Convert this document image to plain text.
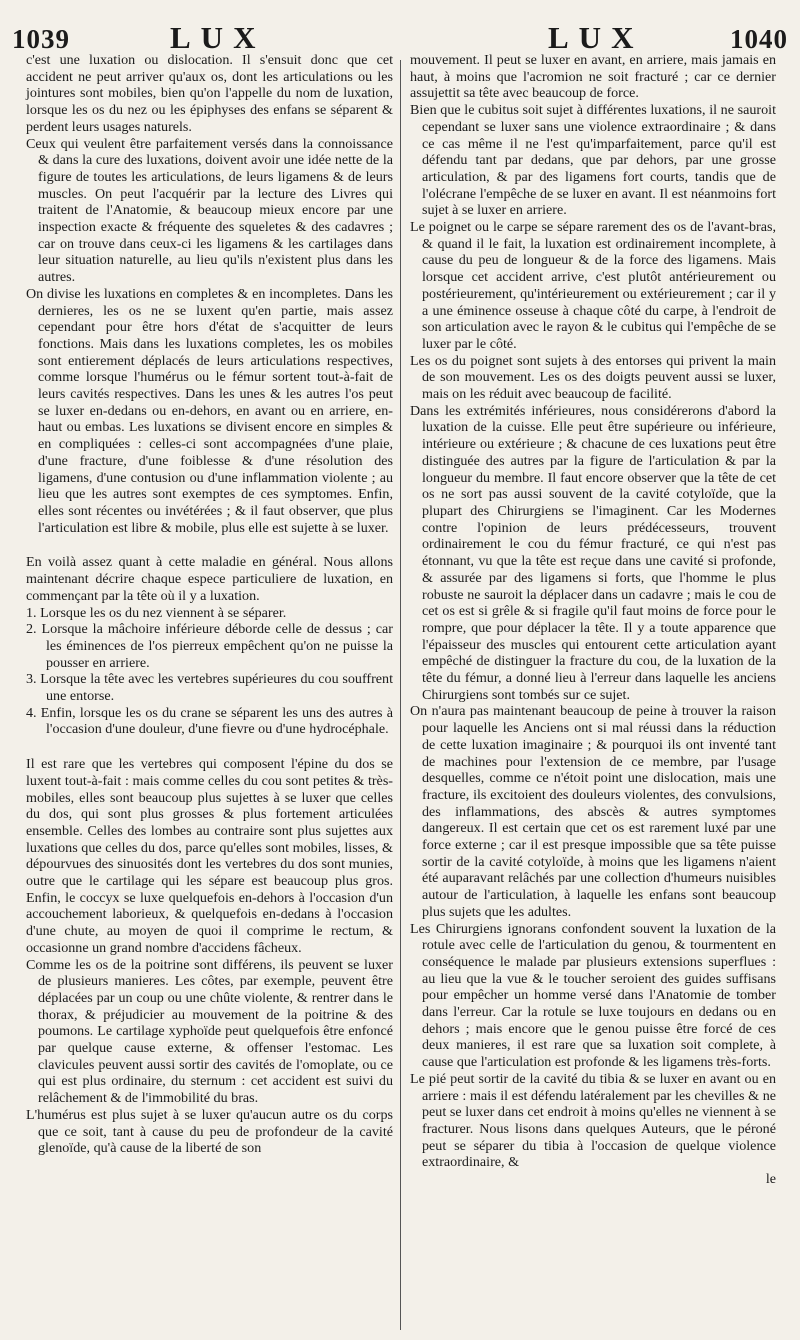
1039	LUX	LUX	1040

c'est une luxation ou dislocation. Il s'ensuit donc que cet accident ne peut arriver qu'aux os, dont les articulations ou les jointures sont mobiles, bien qu'on l'appelle du nom de luxation, lorsque les os du nez ou les épiphyses des enfans se séparent & perdent leurs usages naturels.

Ceux qui veulent être parfaitement versés dans la connoissance & dans la cure des luxations, doivent avoir une idée nette de la figure de toutes les articulations, de leurs ligamens & de leurs muscles. On peut l'acquérir par la lecture des Livres qui traitent de l'Anatomie, & beaucoup mieux encore par une inspection exacte & fréquente des squeletes & des cadavres ; car on trouve dans ceux-ci les ligamens & les cartilages dans leur situation naturelle, au lieu qu'ils n'existent plus dans les autres.

On divise les luxations en completes & en incompletes. Dans les dernieres, les os ne se luxent qu'en partie, mais assez cependant pour être hors d'état de s'acquitter de leurs fonctions. Mais dans les luxations completes, les os mobiles sont entierement déplacés de leurs articulations respectives, comme lorsque l'humérus ou le fémur sortent tout-à-fait de leurs cavités respectives. Dans les unes & les autres l'os peut se luxer en-dedans ou en-dehors, en avant ou en arriere, en-haut ou embas. Les luxations se divisent encore en simples & en compliquées : celles-ci sont accompagnées d'une plaie, d'une fracture, d'une foiblesse & d'une résolution des ligamens, d'une contusion ou d'une inflammation violente ; au lieu que les autres sont exemptes de ces symptomes. Enfin, elles sont récentes ou invétérées ; & il faut observer, que plus l'articulation est libre & mobile, plus elle est sujette à se luxer.

En voilà assez quant à cette maladie en général. Nous allons maintenant décrire chaque espece particuliere de luxation, en commençant par la tête où il y a luxation.

1. Lorsque les os du nez viennent à se séparer.
2. Lorsque la mâchoire inférieure déborde celle de dessus ; car les éminences de l'os pierreux empêchent qu'on ne puisse la pousser en arriere.
3. Lorsque la tête avec les vertebres supérieures du cou souffrent une entorse.
4. Enfin, lorsque les os du crane se séparent les uns des autres à l'occasion d'une douleur, d'une fievre ou d'une hydrocéphale.

Il est rare que les vertebres qui composent l'épine du dos se luxent tout-à-fait : mais comme celles du cou sont petites & très-mobiles, elles sont beaucoup plus sujettes à se luxer que celles du dos, qui sont plus grosses & plus fortement articulées ensemble. Celles des lombes au contraire sont plus sujettes aux luxations que celles du dos, parce qu'elles sont mobiles, lisses, & dépourvues des sinuosités dont les vertebres du dos sont munies, outre que le cartilage qui les sépare est beaucoup plus gros. Enfin, le coccyx se luxe quelquefois en-dehors à l'occasion d'un accouchement laborieux, & quelquefois en-dedans à l'occasion d'une chute, au moyen de quoi il comprime le rectum, & occasionne un grand nombre d'accidens fâcheux.

Comme les os de la poitrine sont différens, ils peuvent se luxer de plusieurs manieres. Les côtes, par exemple, peuvent être déplacées par un coup ou une chûte violente, & rentrer dans le thorax, & préjudicier au mouvement de la poitrine & des poumons. Le cartilage xyphoïde peut quelquefois être enfoncé par quelque cause externe, & offenser l'estomac. Les clavicules peuvent aussi sortir des cavités de l'omoplate, ou ce qui est plus ordinaire, du sternum : cet accident est suivi du relâchement & de l'immobilité du bras.

L'humérus est plus sujet à se luxer qu'aucun autre os du corps que ce soit, tant à cause du peu de profondeur de la cavité glenoïde, qu'à cause de la liberté de son

mouvement. Il peut se luxer en avant, en arriere, mais jamais en haut, à moins que l'acromion ne soit fracturé ; car ce dernier assujettit sa tête avec beaucoup de force.

Bien que le cubitus soit sujet à différentes luxations, il ne sauroit cependant se luxer sans une violence extraordinaire ; & dans ce cas même il ne l'est qu'imparfaitement, parce qu'il est défendu tant par dedans, que par dehors, par une grosse articulation, & par des ligamens fort courts, tandis que de l'olécrane l'empêche de se luxer en avant. Il est néanmoins fort sujet à se luxer en arriere.

Le poignet ou le carpe se sépare rarement des os de l'avant-bras, & quand il le fait, la luxation est ordinairement incomplete, à cause du peu de longueur & de la force des ligamens. Mais lorsque cet accident arrive, c'est plutôt antérieurement ou postérieurement, qu'intérieurement ou extérieurement ; car il y a une éminence osseuse à chaque côté du carpe, à l'endroit de son articulation avec le rayon & le cubitus qui l'empêche de se luxer par le côté.

Les os du poignet sont sujets à des entorses qui privent la main de son mouvement. Les os des doigts peuvent aussi se luxer, mais on les réduit avec beaucoup de facilité.

Dans les extrémités inférieures, nous considérerons d'abord la luxation de la cuisse. Elle peut être supérieure ou inférieure, intérieure ou extérieure ; & chacune de ces luxations peut être distinguée des autres par la figure de l'articulation & par la longueur du membre. Il faut encore observer que la tête de cet os ne sort pas aussi souvent de la cavité cotyloïde, que la plupart des Chirurgiens se l'imaginent. Car les Modernes contre l'opinion de leurs prédécesseurs, trouvent ordinairement le cou du fémur fracturé, ce qui n'est pas étonnant, vu que la tête est reçue dans une cavité si profonde, & assurée par des ligamens si forts, que l'homme le plus robuste ne sauroit la déplacer dans un cadavre ; mais le cou de cet os est si grêle & si fragile qu'il faut moins de force pour le rompre, que pour déplacer la tête. Il y a toute apparence que l'épaisseur des muscles qui entourent cette articulation ayant empêché de distinguer la fracture du cou, de la luxation de la tête du fémur, a donné lieu à l'erreur dans laquelle les anciens Chirurgiens sont tombés sur ce sujet.

On n'aura pas maintenant beaucoup de peine à trouver la raison pour laquelle les Anciens ont si mal réussi dans la réduction de cette luxation imaginaire ; & pourquoi ils ont inventé tant de machines pour l'extension de ce membre, par l'usage desquelles, comme ce n'étoit point une dislocation, mais une fracture, ils excitoient des douleurs violentes, des convulsions, des inflammations, des abscès & autres symptomes dangereux. Il est certain que cet os est rarement luxé par une force externe ; car il est presque impossible que sa tête puisse sortir de la cavité cotyloïde, à moins que les ligamens n'aient été auparavant relâchés par une collection d'humeurs nuisibles autour de l'articulation, à laquelle les enfans sont beaucoup plus sujets que les adultes.

Les Chirurgiens ignorans confondent souvent la luxation de la rotule avec celle de l'articulation du genou, & tourmentent en conséquence le malade par plusieurs extensions superflues : au lieu que la vue & le toucher seroient des guides suffisans pour empêcher un homme versé dans l'Anatomie de tomber dans l'erreur. Car la rotule se luxe toujours en dedans ou en dehors ; mais encore que le genou puisse être forcé de ces deux manieres, il est rare que sa luxation soit complete, à cause que l'articulation est profonde & les ligamens très-forts.

Le pié peut sortir de la cavité du tibia & se luxer en avant ou en arriere : mais il est défendu latéralement par les chevilles & ne peut se luxer dans cet endroit à moins qu'elles ne viennent à se fracturer. Nous lisons dans quelques Auteurs, que le péroné peut se séparer du tibia à l'occasion de quelque violence extraordinaire, &

le
